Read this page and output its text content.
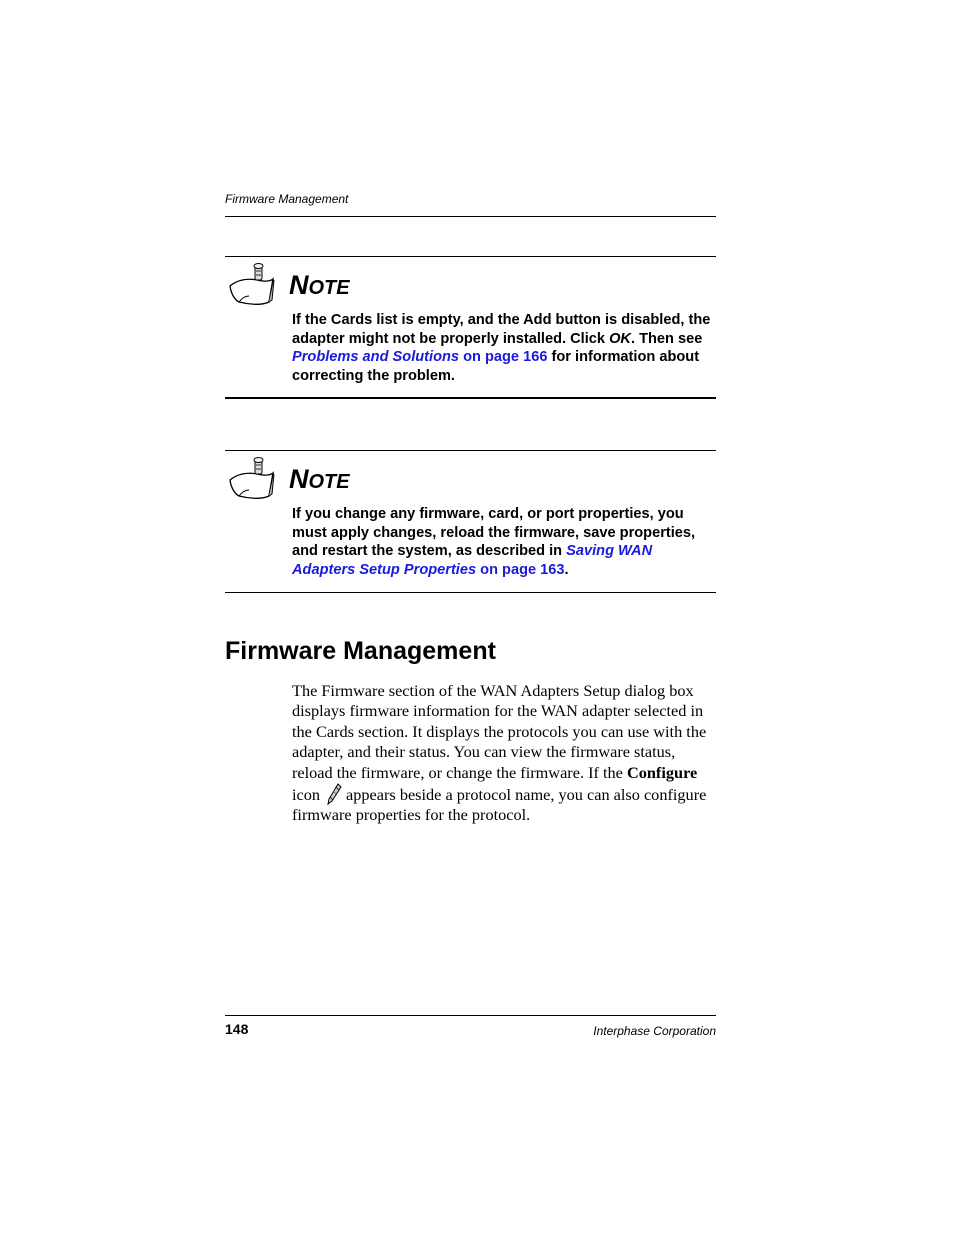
Firmware Management
NOTE
If the Cards list is empty, and the Add button is disabled, the adapter might not be properly installed. Click OK. Then see Problems and Solutions on page 166 for information about correcting the problem.
NOTE
If you change any firmware, card, or port properties, you must apply changes, reload the firmware, save properties, and restart the system, as described in Saving WAN Adapters Setup Properties on page 163.
Firmware Management
The Firmware section of the WAN Adapters Setup dialog box displays firmware information for the WAN adapter selected in the Cards section. It displays the protocols you can use with the adapter, and their status. You can view the firmware status, reload the firmware, or change the firmware. If the Configure icon appears beside a protocol name, you can also configure firmware properties for the protocol.
148	Interphase Corporation
